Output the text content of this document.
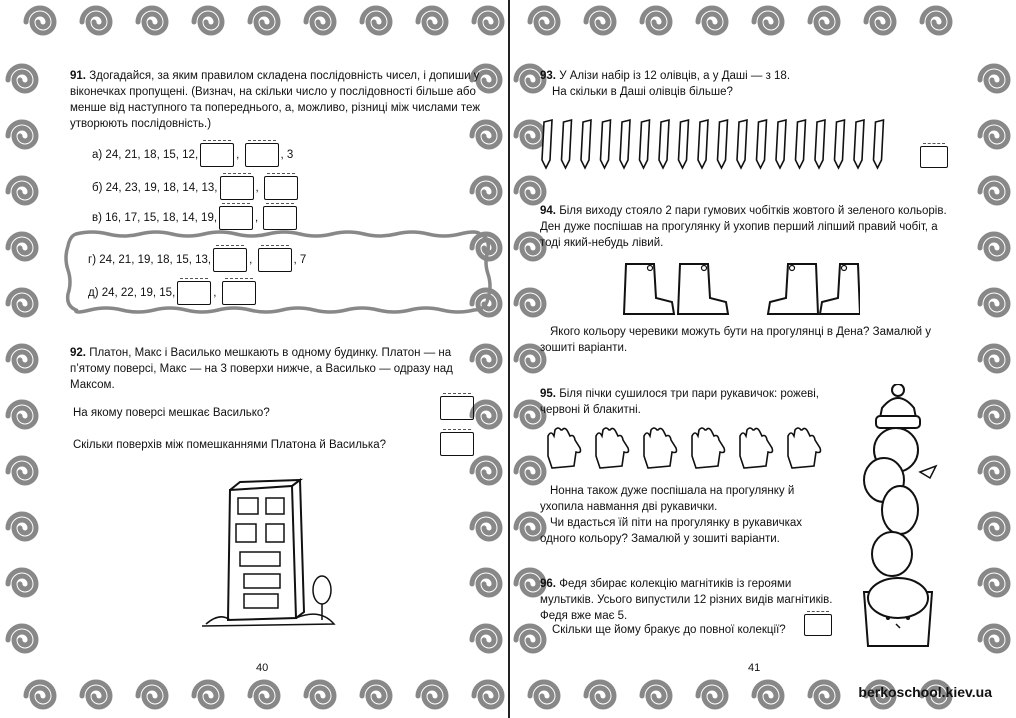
91. Здогадайся, за яким правилом складена послідовність чисел, і допиши у віконечках пропущені. (Визнач, на скільки число у послідовності більше або менше від наступного та попереднього, а, можливо, різниці між числами теж утворюють послідовність.)

а) 24, 21, 18, 15, 12,	,	, 3
б) 24, 23, 19, 18, 14, 13,	,
в) 16, 17, 15, 18, 14, 19,	,
г) 24, 21, 19, 18, 15, 13,	,	, 7
д) 24, 22, 19, 15,	,

92. Платон, Макс і Василько мешкають в одному будинку. Платон — на п’ятому поверсі, Макс — на 3 поверхи нижче, а Василько — одразу над Максом.

На якому поверсі мешкає Василько?

Скільки поверхів між помешканнями Платона й Василька?

40

93. У Алізи набір із 12 олівців, а у Даші — з 18.

На скільки в Даші олівців більше?

94. Біля виходу стояло 2 пари гумових чобітків жовтого й зеленого кольорів. Ден дуже поспішав на прогулянку й ухопив перший ліпший правий чобіт, а тоді який-небудь лівий.

Якого кольору черевики можуть бути на прогулянці в Дена? Замалюй у зошиті варіанти.

95. Біля пічки сушилося три пари рукавичок: рожеві, червоні й блакитні.

Нонна також дуже поспішала на прогулянку й ухопила навмання дві рукавички.

Чи вдасться їй піти на прогулянку в рукавичках одного кольору? Замалюй у зошиті варіанти.

96. Федя збирає колекцію магнітиків із героями мультиків. Усього випустили 12 різних видів магнітиків. Федя вже має 5.

Скільки ще йому бракує до повної колекції?

41
berkoschool.kiev.ua
